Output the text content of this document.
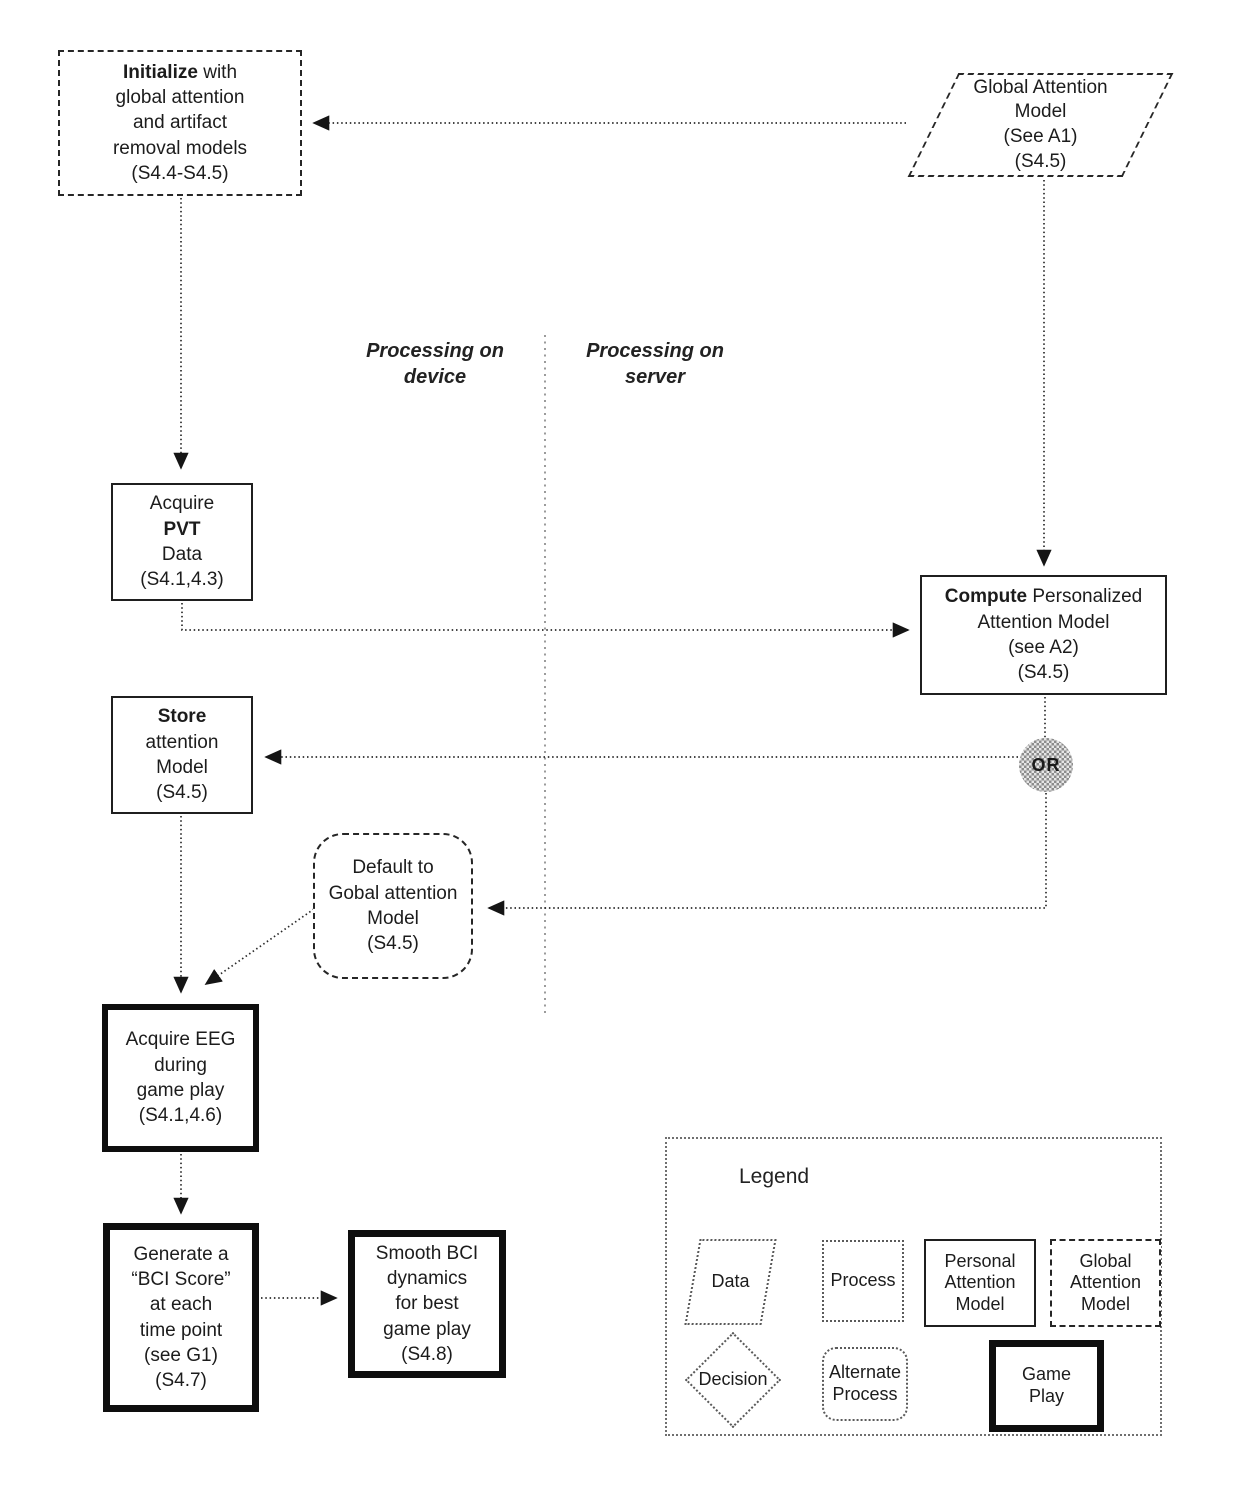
Processing on
device
Processing on
server
Initialize with
global attention
and artifact
removal models
(S4.4-S4.5)
Global Attention
Model
(See A1)
(S4.5)
Acquire
PVT
Data
(S4.1,4.3)
Compute Personalized
Attention Model
(see A2)
(S4.5)
Store
attention
Model
(S4.5)
OR
Default to
Gobal attention
Model
(S4.5)
Acquire EEG
during
game play
(S4.1,4.6)
Generate a
“BCI Score”
at each
time point
(see G1)
(S4.7)
Smooth BCI
dynamics
for best
game play
(S4.8)
Legend
Data	Process
Personal
Attention
Model
Global
Attention
Model
Decision	Alternate
Process
Game
Play
